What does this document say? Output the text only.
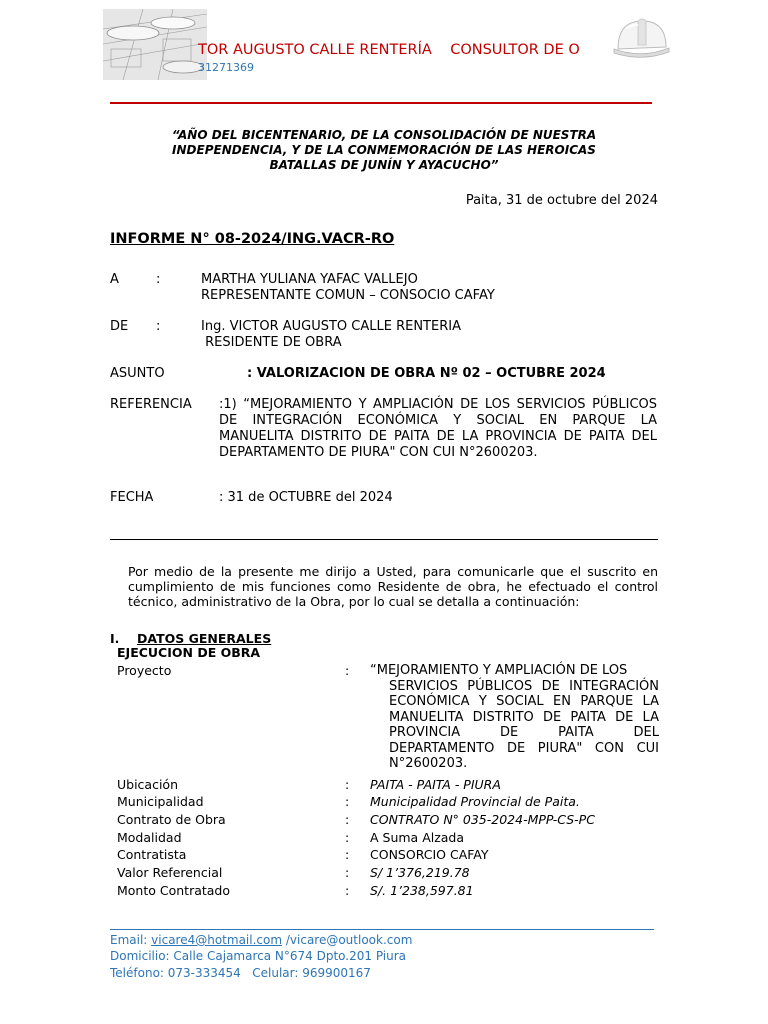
TOR AUGUSTO CALLE RENTERÍA    CONSULTOR DE O
31271369
“AÑO DEL BICENTENARIO, DE LA CONSOLIDACIÓN DE NUESTRA
INDEPENDENCIA, Y DE LA CONMEMORACIÓN DE LAS HEROICAS
BATALLAS DE JUNÍN Y AYACUCHO”
Paita, 31 de octubre del 2024
INFORME N° 08-2024/ING.VACR-RO
A	:	MARTHA YULIANA YAFAC VALLEJO
REPRESENTANTE COMUN – CONSOCIO CAFAY
DE :	Ing. VICTOR AUGUSTO CALLE RENTERIA
RESIDENTE DE OBRA
ASUNTO	: VALORIZACION DE OBRA Nº 02 – OCTUBRE 2024
REFERENCIA :1) “MEJORAMIENTO Y AMPLIACIÓN DE LOS SERVICIOS PÚBLICOS DE INTEGRACIÓN ECONÓMICA Y SOCIAL EN PARQUE LA MANUELITA DISTRITO DE PAITA DE LA PROVINCIA DE PAITA DEL DEPARTAMENTO DE PIURA" CON CUI N°2600203.
FECHA	: 31 de OCTUBRE del 2024
Por medio de la presente me dirijo a Usted, para comunicarle que el suscrito en cumplimiento de mis funciones como Residente de obra, he efectuado el control técnico, administrativo de la Obra, por lo cual se detalla a continuación:
I. DATOS GENERALES
EJECUCION DE OBRA
Proyecto	: “MEJORAMIENTO Y AMPLIACIÓN DE LOS
SERVICIOS PÚBLICOS DE INTEGRACIÓN ECONÓMICA Y SOCIAL EN PARQUE LA MANUELITA DISTRITO DE PAITA DE LA PROVINCIA DE PAITA DEL DEPARTAMENTO DE PIURA" CON CUI N°2600203.
Ubicación	: PAITA - PAITA - PIURA
Municipalidad	: Municipalidad Provincial de Paita.
Contrato de Obra	: CONTRATO N° 035-2024-MPP-CS-PC
Modalidad	: A Suma Alzada
Contratista	: CONSORCIO CAFAY
Valor Referencial	: S/ 1’376,219.78
Monto Contratado	: S/. 1’238,597.81
Email: vicare4@hotmail.com /vicare@outlook.com
Domicilio: Calle Cajamarca N°674 Dpto.201 Piura
Teléfono: 073-333454   Celular: 969900167
